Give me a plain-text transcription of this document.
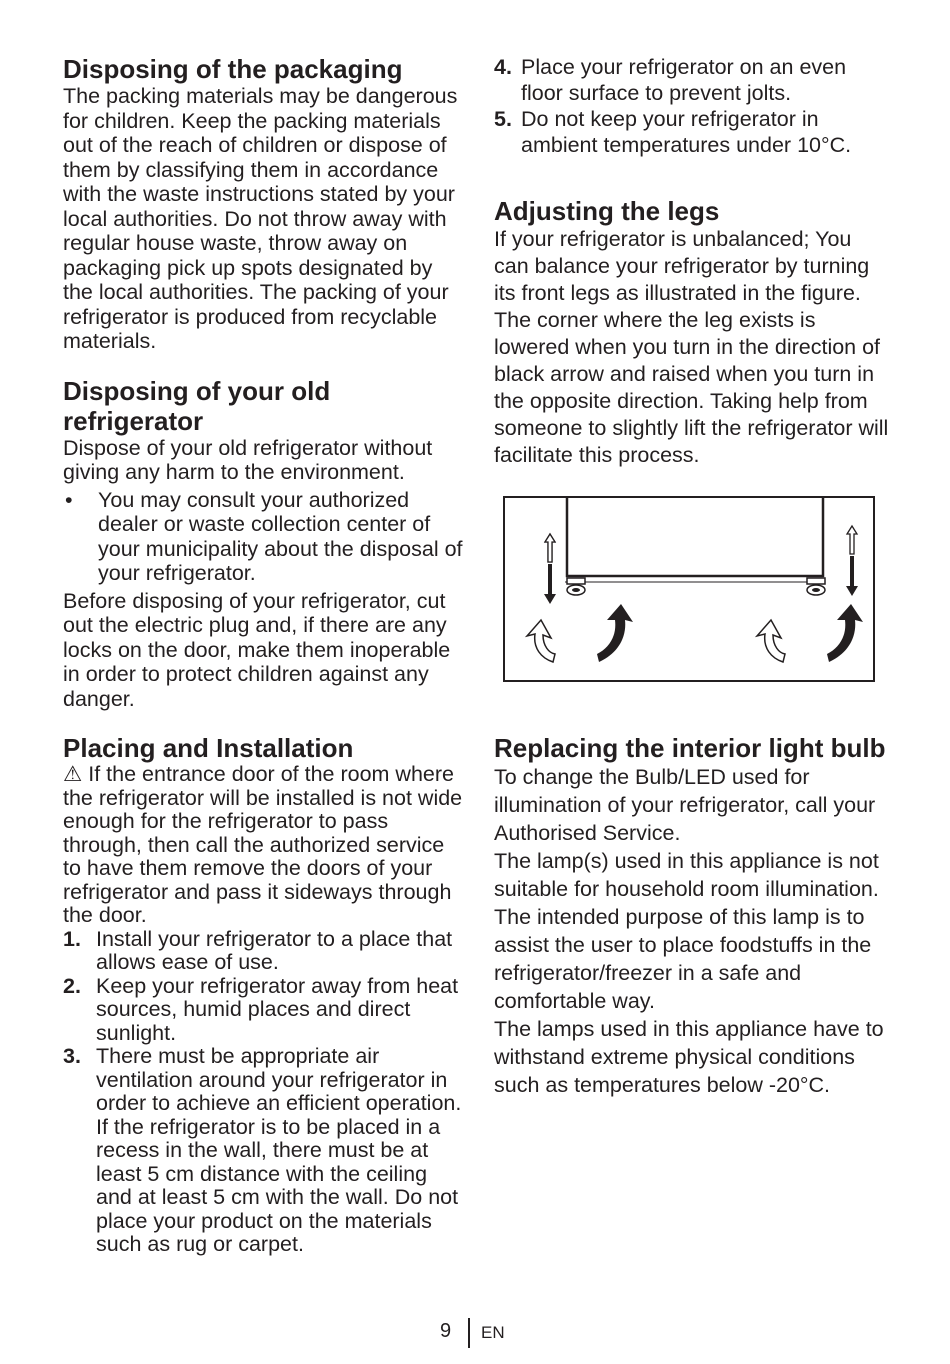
Disposing of the packaging

The packing materials may be dangerous for children. Keep the packing materials out of the reach of children or dispose of them by classifying them in accordance with the waste instructions stated by your local authorities. Do not throw away with regular house waste, throw away on packaging pick up spots designated by the local authorities. The packing of your refrigerator is produced from recyclable materials.

Disposing of your old refrigerator

Dispose of your old refrigerator without giving any harm to the environment.

•	You may consult your authorized dealer or waste collection center of your municipality about the disposal of your refrigerator.

Before disposing of your refrigerator, cut out the electric plug and, if there are any locks on the door, make them inoperable in order to protect children against any danger.

Placing and Installation

⚠ If the entrance door of the room where the refrigerator will be installed is not wide enough for the refrigerator to pass through, then call the authorized service to have them remove the doors of your refrigerator and pass it sideways through the door.

1. Install your refrigerator to a place that allows ease of use.
2. Keep your refrigerator away from heat sources, humid places and direct sunlight.
3. There must be appropriate air ventilation around your refrigerator in order to achieve an efficient operation. If the refrigerator is to be placed in a recess in the wall, there must be at least 5 cm distance with the ceiling and at least 5 cm with the wall. Do not place your product on the materials such as rug or carpet.
4. Place your refrigerator on an even floor surface to prevent jolts.
5. Do not keep your refrigerator in ambient temperatures under 10°C.
Adjusting the legs

If your refrigerator is unbalanced; You can balance your refrigerator by turning its front legs as illustrated in the figure. The corner where the leg exists is lowered when you turn in the direction of black arrow and raised when you turn in the opposite direction. Taking help from someone to slightly lift the refrigerator will facilitate this process.

Replacing the interior light bulb

To change the Bulb/LED used for illumination of your refrigerator, call your Authorised Service.

The lamp(s) used in this appliance is not suitable for household room illumination. The intended purpose of this lamp is to assist the user to place foodstuffs in the refrigerator/freezer in a safe and comfortable way.

The lamps used in this appliance have to withstand extreme physical conditions such as temperatures below -20°C.

9 EN
